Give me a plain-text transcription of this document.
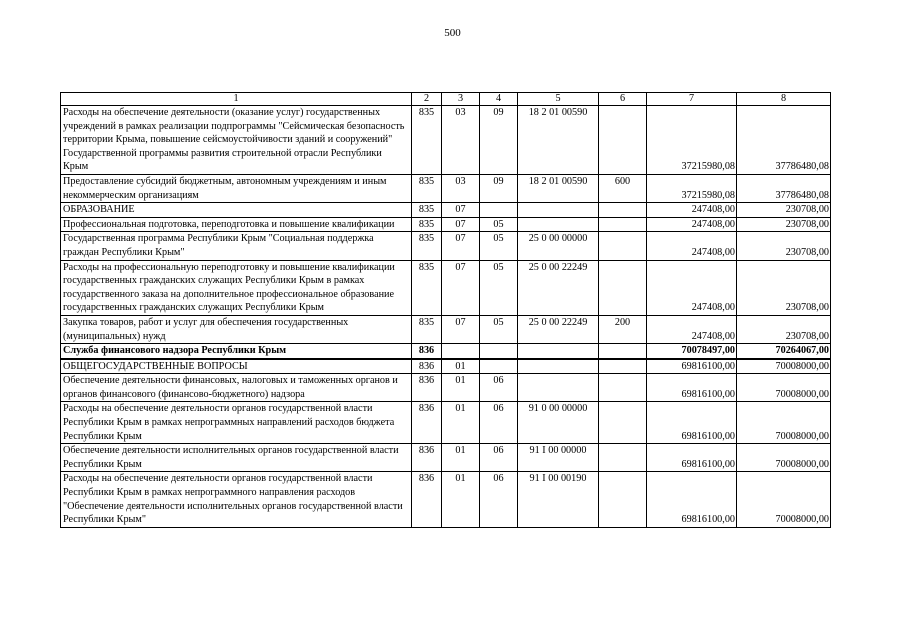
500
1	2	3	4	5	6	7	8
Расходы на обеспечение деятельности (оказание услуг) государственных учреждений в рамках реализации подпрограммы "Сейсмическая безопасность территории Крыма, повышение сейсмоустойчивости зданий и сооружений" Государственной программы развития строительной отрасли Республики Крым	835	03	09	18 2 01 00590		37215980,08	37786480,08
Предоставление субсидий бюджетным, автономным учреждениям и иным некоммерческим организациям	835	03	09	18 2 01 00590	600	37215980,08	37786480,08
ОБРАЗОВАНИЕ	835	07				247408,00	230708,00
Профессиональная подготовка, переподготовка и повышение квалификации	835	07	05			247408,00	230708,00
Государственная программа Республики Крым "Социальная поддержка граждан Республики Крым"	835	07	05	25 0 00 00000		247408,00	230708,00
Расходы на профессиональную переподготовку и повышение квалификации государственных гражданских служащих Республики Крым в рамках государственного заказа на дополнительное профессиональное образование государственных гражданских служащих Республики Крым	835	07	05	25 0 00 22249		247408,00	230708,00
Закупка товаров, работ и услуг для обеспечения государственных (муниципальных) нужд	835	07	05	25 0 00 22249	200	247408,00	230708,00
Служба финансового надзора Республики Крым	836					70078497,00	70264067,00
ОБЩЕГОСУДАРСТВЕННЫЕ ВОПРОСЫ	836	01				69816100,00	70008000,00
Обеспечение деятельности финансовых, налоговых и таможенных органов и органов финансового (финансово-бюджетного) надзора	836	01	06			69816100,00	70008000,00
Расходы на обеспечение деятельности органов государственной власти Республики Крым в рамках непрограммных направлений расходов бюджета Республики Крым	836	01	06	91 0 00 00000		69816100,00	70008000,00
Обеспечение деятельности исполнительных органов государственной власти Республики Крым	836	01	06	91 I 00 00000		69816100,00	70008000,00
Расходы на обеспечение деятельности органов государственной власти Республики Крым в рамках непрограммного направления расходов "Обеспечение деятельности исполнительных органов государственной власти Республики Крым"	836	01	06	91 I 00 00190		69816100,00	70008000,00
